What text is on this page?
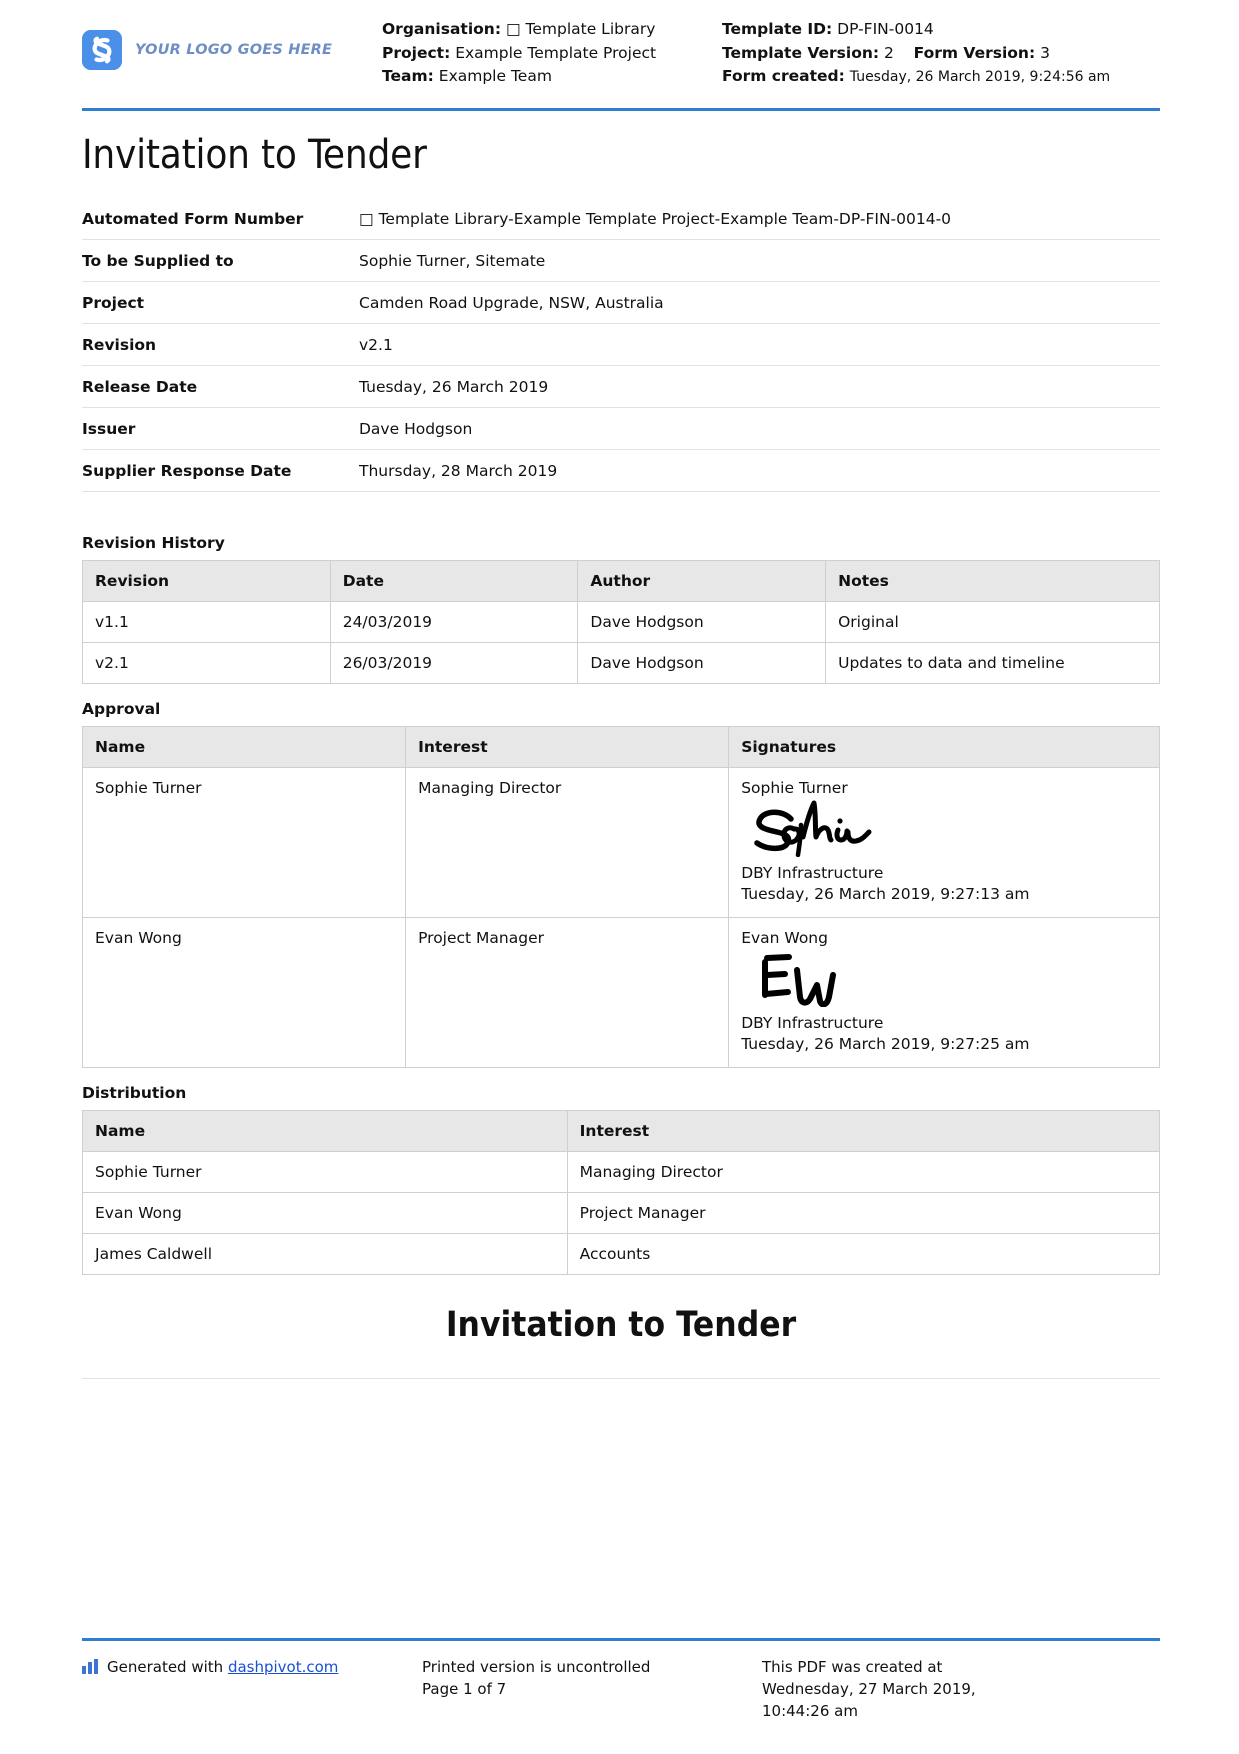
YOUR LOGO GOES HERE
Organisation: □ Template Library
Project: Example Template Project
Team: Example Team
Template ID: DP-FIN-0014
Template Version: 2 Form Version: 3
Form created: Tuesday, 26 March 2019, 9:24:56 am
Invitation to Tender
Automated Form Number	□ Template Library-Example Template Project-Example Team-DP-FIN-0014-0
To be Supplied to	Sophie Turner, Sitemate
Project	Camden Road Upgrade, NSW, Australia
Revision	v2.1
Release Date	Tuesday, 26 March 2019
Issuer	Dave Hodgson
Supplier Response Date	Thursday, 28 March 2019
Revision History
Revision	Date	Author	Notes
v1.1	24/03/2019	Dave Hodgson	Original
v2.1	26/03/2019	Dave Hodgson	Updates to data and timeline
Approval
Name	Interest	Signatures
Sophie Turner	Managing Director	Sophie Turner
DBY Infrastructure
Tuesday, 26 March 2019, 9:27:13 am

Evan Wong	Project Manager	Evan Wong
DBY Infrastructure
Tuesday, 26 March 2019, 9:27:25 am
Distribution
Name	Interest
Sophie Turner	Managing Director
Evan Wong	Project Manager
James Caldwell	Accounts
Invitation to Tender
Generated with dashpivot.com	Printed version is uncontrolled
Page 1 of 7
This PDF was created at
Wednesday, 27 March 2019,
10:44:26 am
